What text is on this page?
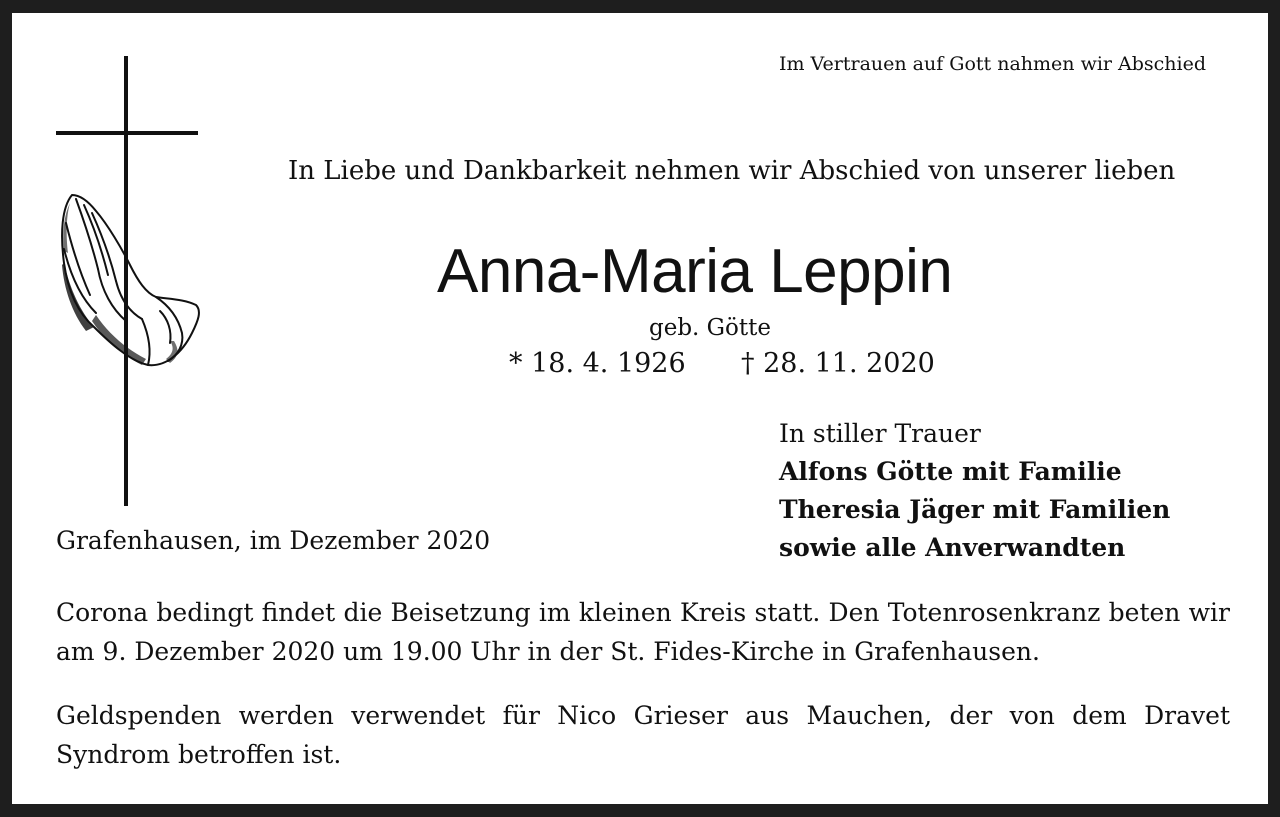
Im Vertrauen auf Gott nahmen wir Abschied
In Liebe und Dankbarkeit nehmen wir Abschied von unserer lieben
Anna-Maria Leppin
geb. Götte
* 18. 4. 1926 † 28. 11. 2020
In stiller Trauer
Alfons Götte mit Familie
Theresia Jäger mit Familien
sowie alle Anverwandten
Grafenhausen, im Dezember 2020
Corona bedingt findet die Beisetzung im kleinen Kreis statt. Den Totenrosenkranz beten wir am 9. Dezember 2020 um 19.00 Uhr in der St. Fides-Kirche in Grafenhausen.
Geldspenden werden verwendet für Nico Grieser aus Mauchen, der von dem Dravet Syndrom betroffen ist.
